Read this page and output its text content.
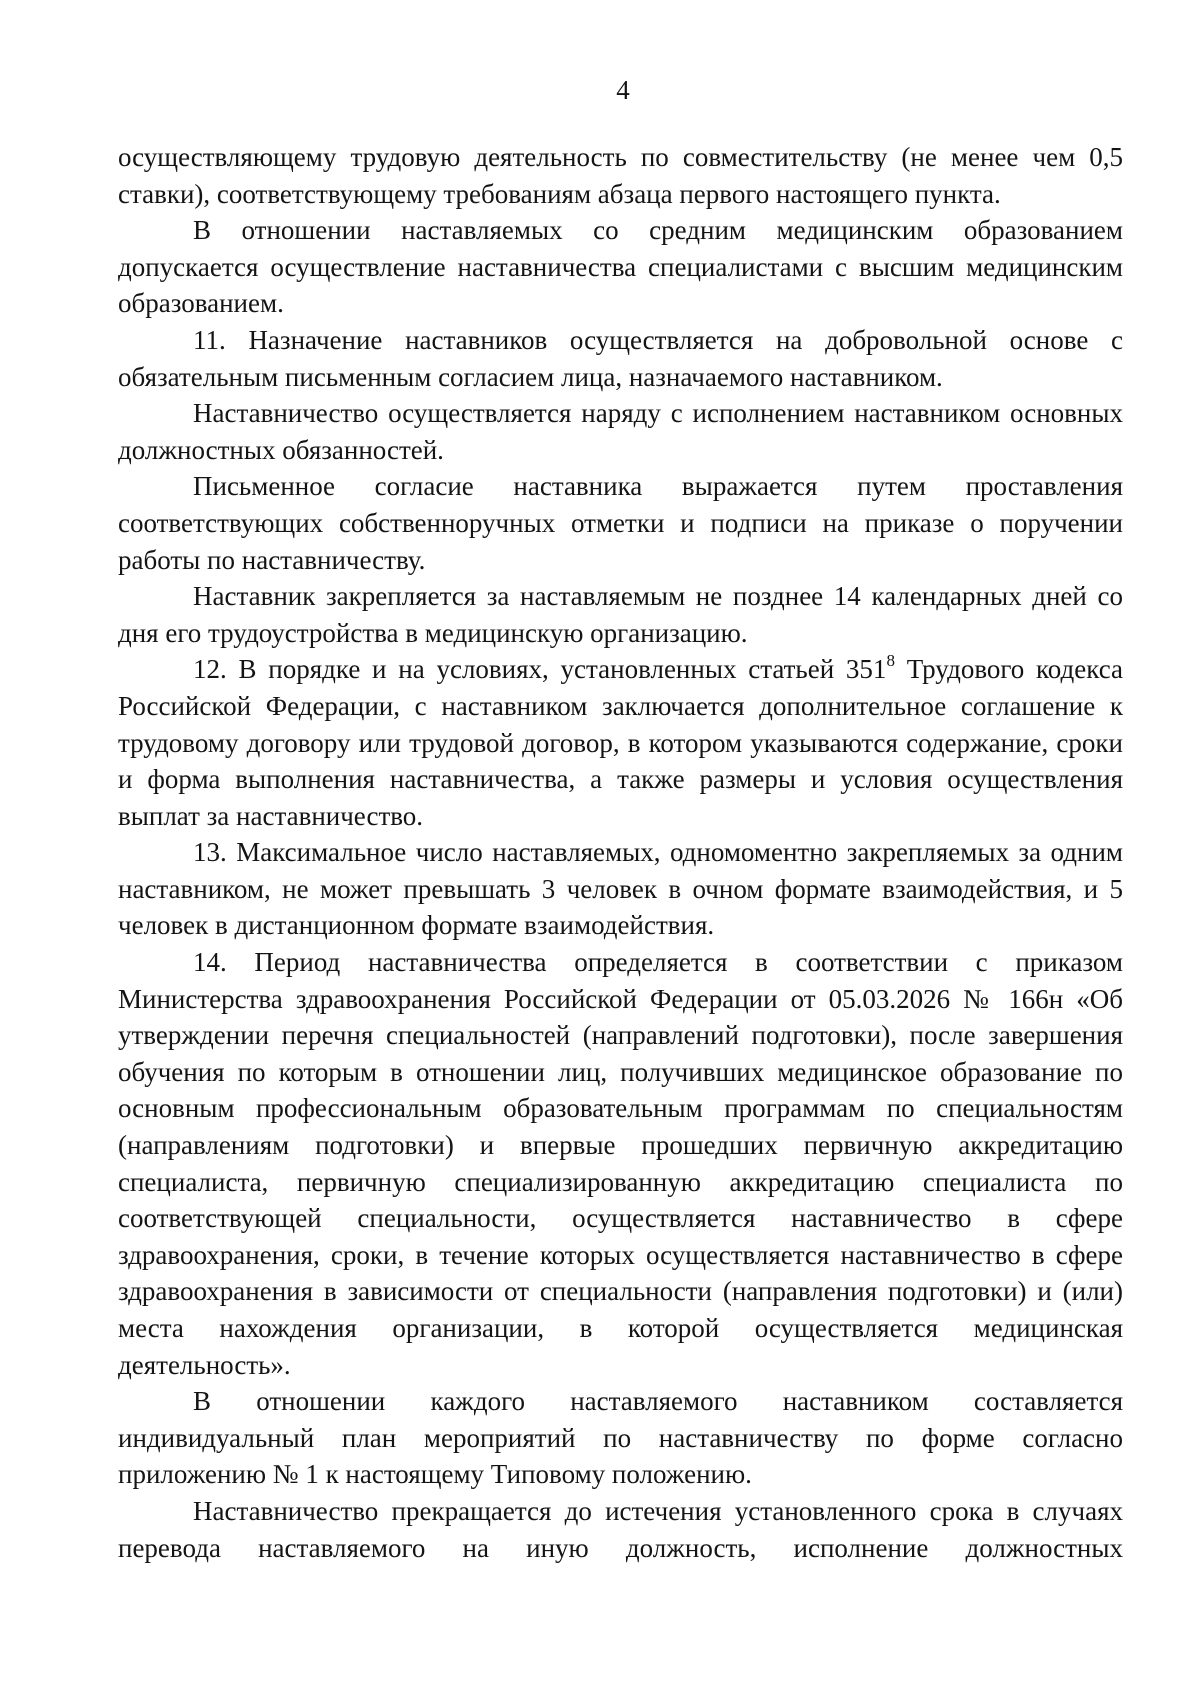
4

осуществляющему трудовую деятельность по совместительству (не менее чем 0,5 ставки), соответствующему требованиям абзаца первого настоящего пункта.

В отношении наставляемых со средним медицинским образованием допускается осуществление наставничества специалистами с высшим медицинским образованием.

11. Назначение наставников осуществляется на добровольной основе с обязательным письменным согласием лица, назначаемого наставником.

Наставничество осуществляется наряду с исполнением наставником основных должностных обязанностей.

Письменное согласие наставника выражается путем проставления соответствующих собственноручных отметки и подписи на приказе о поручении работы по наставничеству.

Наставник закрепляется за наставляемым не позднее 14 календарных дней со дня его трудоустройства в медицинскую организацию.

12. В порядке и на условиях, установленных статьей $351^8$ Трудового кодекса Российской Федерации, с наставником заключается дополнительное соглашение к трудовому договору или трудовой договор, в котором указываются содержание, сроки и форма выполнения наставничества, а также размеры и условия осуществления выплат за наставничество.

13. Максимальное число наставляемых, одномоментно закрепляемых за одним наставником, не может превышать 3 человек в очном формате взаимодействия, и 5 человек в дистанционном формате взаимодействия.

14. Период наставничества определяется в соответствии с приказом Министерства здравоохранения Российской Федерации от 05.03.2026 № 166н «Об утверждении перечня специальностей (направлений подготовки), после завершения обучения по которым в отношении лиц, получивших медицинское образование по основным профессиональным образовательным программам по специальностям (направлениям подготовки) и впервые прошедших первичную аккредитацию специалиста, первичную специализированную аккредитацию специалиста по соответствующей специальности, осуществляется наставничество в сфере здравоохранения, сроки, в течение которых осуществляется наставничество в сфере здравоохранения в зависимости от специальности (направления подготовки) и (или) места нахождения организации, в которой осуществляется медицинская деятельность».

В отношении каждого наставляемого наставником составляется индивидуальный план мероприятий по наставничеству по форме согласно приложению № 1 к настоящему Типовому положению.

Наставничество прекращается до истечения установленного срока в случаях перевода наставляемого на иную должность, исполнение должностных
